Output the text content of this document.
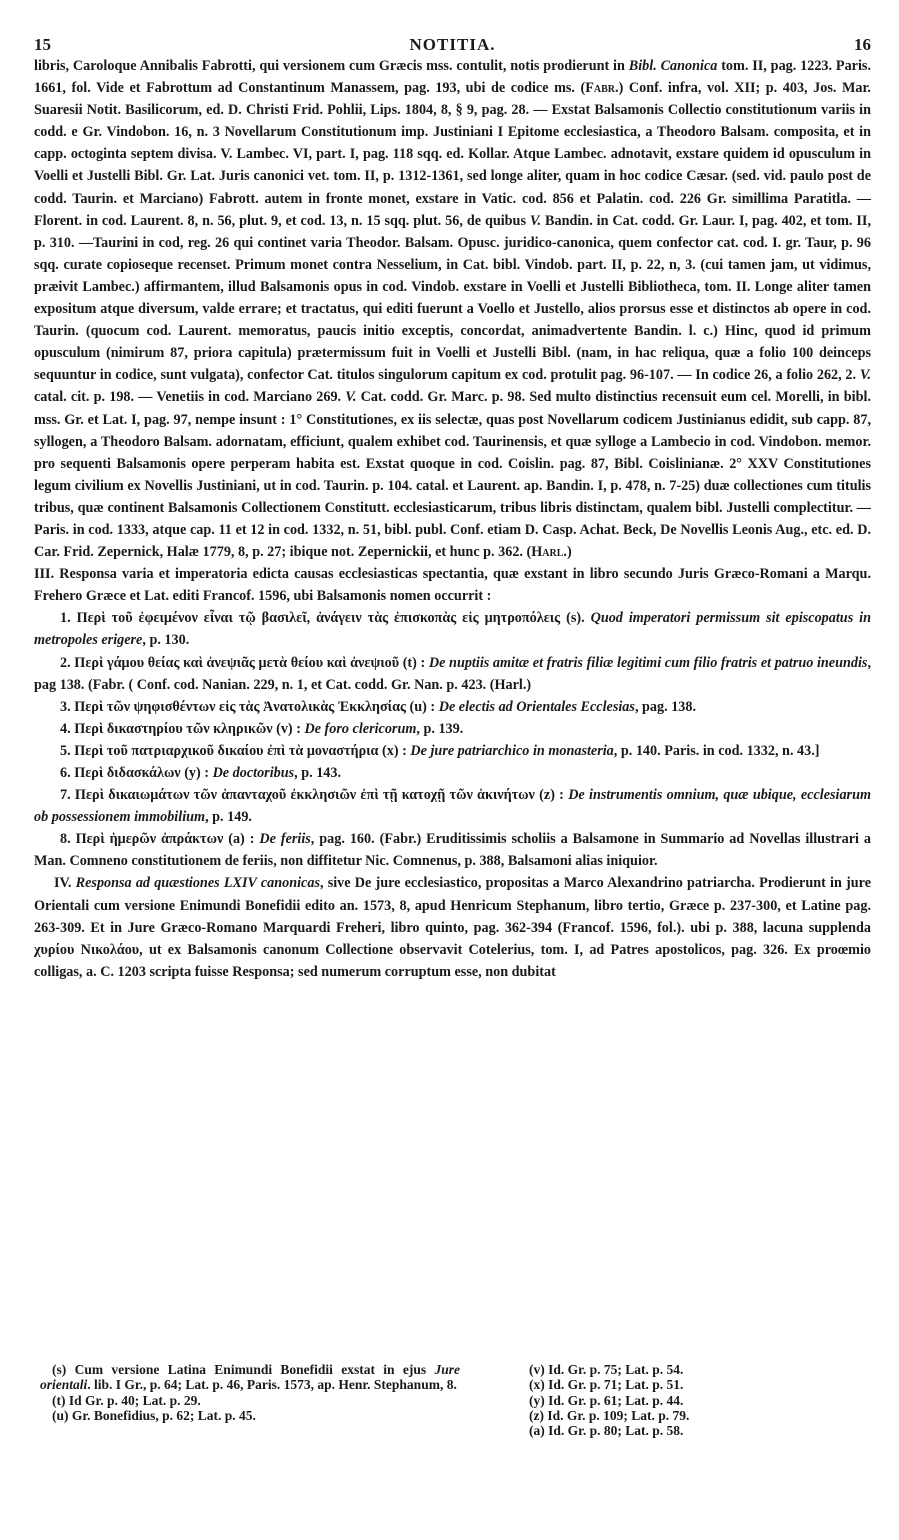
15	NOTITIA.	16

libris, Caroloque Annibalis Fabrotti, qui versionem cum Græcis mss. contulit, notis prodierunt in Bibl. Canonica tom. II, pag. 1223. Paris. 1661, fol. Vide et Fabrottum ad Constantinum Manassem, pag. 193, ubi de codice ms. (Fabr.) Conf. infra, vol. XII; p. 403, Jos. Mar. Suaresii Notit. Basilicorum, ed. D. Christi Frid. Pohlii, Lips. 1804, 8, § 9, pag. 28. — Exstat Balsamonis Collectio constitutionum variis in codd. e Gr. Vindobon. 16, n. 3 Novellarum Constitutionum imp. Justiniani I Epitome ecclesiastica, a Theodoro Balsam. composita, et in capp. octoginta septem divisa. V. Lambec. VI, part. I, pag. 118 sqq. ed. Kollar. Atque Lambec. adnotavit, exstare quidem id opusculum in Voelli et Justelli Bibl. Gr. Lat. Juris canonici vet. tom. II, p. 1312-1361, sed longe aliter, quam in hoc codice Cæsar. (sed. vid. paulo post de codd. Taurin. et Marciano) Fabrott. autem in fronte monet, exstare in Vatic. cod. 856 et Palatin. cod. 226 Gr. simillima Paratitla. —Florent. in cod. Laurent. 8, n. 56, plut. 9, et cod. 13, n. 15 sqq. plut. 56, de quibus V. Bandin. in Cat. codd. Gr. Laur. I, pag. 402, et tom. II, p. 310. —Taurini in cod, reg. 26 qui continet varia Theodor. Balsam. Opusc. juridico-canonica, quem confector cat. cod. I. gr. Taur, p. 96 sqq. curate copioseque recenset. Primum monet contra Nesselium, in Cat. bibl. Vindob. part. II, p. 22, n, 3. (cui tamen jam, ut vidimus, præivit Lambec.) affirmantem, illud Balsamonis opus in cod. Vindob. exstare in Voelli et Justelli Bibliotheca, tom. II. Longe aliter tamen expositum atque diversum, valde errare; et tractatus, qui editi fuerunt a Voello et Justello, alios prorsus esse et distinctos ab opere in cod. Taurin. (quocum cod. Laurent. memoratus, paucis initio exceptis, concordat, animadvertente Bandin. l. c.) Hinc, quod id primum opusculum (nimirum 87, priora capitula) prætermissum fuit in Voelli et Justelli Bibl. (nam, in hac reliqua, quæ a folio 100 deinceps sequuntur in codice, sunt vulgata), confector Cat. titulos singulorum capitum ex cod. protulit pag. 96-107. — In codice 26, a folio 262, 2. V. catal. cit. p. 198. — Venetiis in cod. Marciano 269. V. Cat. codd. Gr. Marc. p. 98. Sed multo distinctius recensuit eum cel. Morelli, in bibl. mss. Gr. et Lat. I, pag. 97, nempe insunt : 1° Constitutiones, ex iis selectæ, quas post Novellarum codicem Justinianus edidit, sub capp. 87, syllogen, a Theodoro Balsam. adornatam, efficiunt, qualem exhibet cod. Taurinensis, et quæ sylloge a Lambecio in cod. Vindobon. memor. pro sequenti Balsamonis opere perperam habita est. Exstat quoque in cod. Coislin. pag. 87, Bibl. Coislinianæ. 2° XXV Constitutiones legum civilium ex Novellis Justiniani, ut in cod. Taurin. p. 104. catal. et Laurent. ap. Bandin. I, p. 478, n. 7-25) duæ collectiones cum titulis tribus, quæ continent Balsamonis Collectionem Constitutt. ecclesiasticarum, tribus libris distinctam, qualem bibl. Justelli complectitur. — Paris. in cod. 1333, atque cap. 11 et 12 in cod. 1332, n. 51, bibl. publ. Conf. etiam D. Casp. Achat. Beck, De Novellis Leonis Aug., etc. ed. D. Car. Frid. Zepernick, Halæ 1779, 8, p. 27; ibique not. Zepernickii, et hunc p. 362. (Harl.)

III. Responsa varia et imperatoria edicta causas ecclesiasticas spectantia, quæ exstant in libro secundo Juris Græco-Romani a Marqu. Frehero Græce et Lat. editi Francof. 1596, ubi Balsamonis nomen occurrit :

1. Περὶ τοῦ ἐφειμένον εἶναι τῷ βασιλεῖ, ἀνάγειν τὰς ἐπισκοπὰς εἰς μητροπόλεις (s). Quod imperatori permissum sit episcopatus in metropoles erigere, p. 130.

2. Περὶ γάμου θείας καὶ ἀνεψιᾶς μετὰ θείου καὶ ἀνεψιοῦ (t) : De nuptiis amitæ et fratris filiæ legitimi cum filio fratris et patruo ineundis, pag 138. (Fabr. ( Conf. cod. Nanian. 229, n. 1, et Cat. codd. Gr. Nan. p. 423. (Harl.)

3. Περὶ τῶν ψηφισθέντων εἰς τὰς Ἀνατολικὰς Ἐκκλησίας (u) : De electis ad Orientales Ecclesias, pag. 138.

4. Περὶ δικαστηρίου τῶν κληρικῶν (v) : De foro clericorum, p. 139.

5. Περὶ τοῦ πατριαρχικοῦ δικαίου ἐπὶ τὰ μοναστήρια (x) : De jure patriarchico in monasteria, p. 140. Paris. in cod. 1332, n. 43.]

6. Περὶ διδασκάλων (y) : De doctoribus, p. 143.

7. Περὶ δικαιωμάτων τῶν ἁπανταχοῦ ἐκκλησιῶν ἐπὶ τῇ κατοχῇ τῶν ἀκινήτων (z) : De instrumentis omnium, quæ ubique, ecclesiarum ob possessionem immobilium, p. 149.

8. Περὶ ἡμερῶν ἀπράκτων (a) : De feriis, pag. 160. (Fabr.) Eruditissimis scholiis a Balsamone in Summario ad Novellas illustrari a Man. Comneno constitutionem de feriis, non diffitetur Nic. Comnenus, p. 388, Balsamoni alias iniquior.

IV. Responsa ad quæstiones LXIV canonicas, sive De jure ecclesiastico, propositas a Marco Alexandrino patriarcha. Prodierunt in jure Orientali cum versione Enimundi Bonefidii edito an. 1573, 8, apud Henricum Stephanum, libro tertio, Græce p. 237-300, et Latine pag. 263-309. Et in Jure Græco-Romano Marquardi Freheri, libro quinto, pag. 362-394 (Francof. 1596, fol.). ubi p. 388, lacuna supplenda χυρίου Νικολάου, ut ex Balsamonis canonum Collectione observavit Cotelerius, tom. I, ad Patres apostolicos, pag. 326. Ex proœmio colligas, a. C. 1203 scripta fuisse Responsa; sed numerum corruptum esse, non dubitat

(s) Cum versione Latina Enimundi Bonefidii exstat in ejus Jure orientali. lib. I Gr., p. 64; Lat. p. 46, Paris. 1573, ap. Henr. Stephanum, 8.
(t) Id Gr. p. 40; Lat. p. 29.
(u) Gr. Bonefidius, p. 62; Lat. p. 45.
(v) Id. Gr. p. 75; Lat. p. 54.
(x) Id. Gr. p. 71; Lat. p. 51.
(y) Id. Gr. p. 61; Lat. p. 44.
(z) Id. Gr. p. 109; Lat. p. 79.
(a) Id. Gr. p. 80; Lat. p. 58.
